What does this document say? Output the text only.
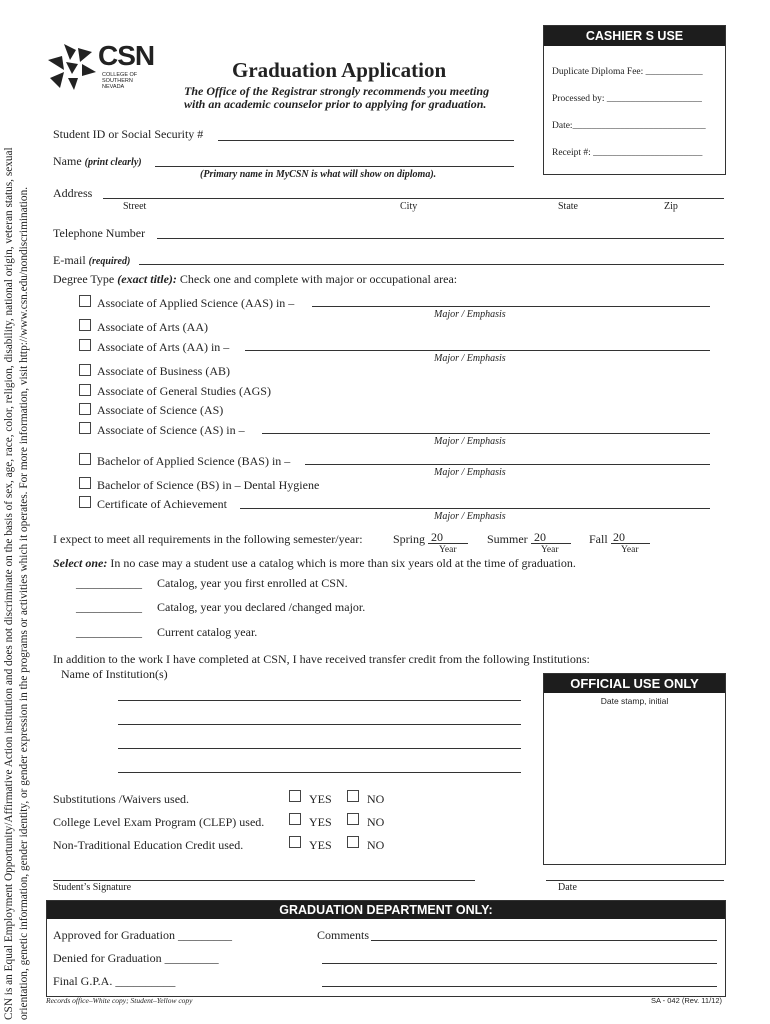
CSN is an Equal Employment Opportunity/Affirmative Action institution and does not discriminate on the basis of sex, age, race, color, religion, disability, national origin, veteran status, sexual orientation, genetic information, gender identity, or gender expression in the programs or activities which it operates. For more information, visit http://www.csn.edu/nondiscrimination.
CSN
COLLEGE OF
SOUTHERN NEVADA
Graduation Application
The Office of the Registrar strongly recommends you meeting
with an academic counselor prior to applying for graduation.
CASHIER S USE
Duplicate Diploma Fee: ____________
Processed by: ____________________
Date:____________________________
Receipt #: _______________________
Student ID or Social Security #
Name (print clearly)
(Primary name in MyCSN is what will show on diploma).
Address
Street	City	State	Zip
Telephone Number
E-mail (required)
Degree Type (exact title): Check one and complete with major or occupational area:
Associate of Applied Science (AAS) in –
Major / Emphasis
Associate of Arts (AA)
Associate of Arts (AA) in –
Major / Emphasis
Associate of Business (AB)
Associate of General Studies (AGS)
Associate of Science (AS)
Associate of Science (AS) in –
Major / Emphasis
Bachelor of Applied Science (BAS) in –
Major / Emphasis
Bachelor of Science (BS) in – Dental Hygiene
Certificate of Achievement
Major / Emphasis
I expect to meet all requirements in the following semester/year:	Spring 20
Year
Summer 20
Year
Fall 20
Year
Select one: In no case may a student use a catalog which is more than six years old at the time of graduation.
___________ Catalog, year you first enrolled at CSN.
___________ Catalog, year you declared /changed major.
___________ Current catalog year.
In addition to the work I have completed at CSN, I have received transfer credit from the following Institutions:
Name of Institution(s)
OFFICIAL USE ONLY
Date stamp, initial
Substitutions /Waivers used.	YES	NO
College Level Exam Program (CLEP) used.	YES	NO
Non-Traditional Education Credit used.	YES	NO
Student’s Signature	Date
GRADUATION DEPARTMENT ONLY:
Approved for Graduation _________
Denied for Graduation _________
Final G.P.A. __________
Comments
Records office–White copy; Student–Yellow copy	SA - 042 (Rev. 11/12)
